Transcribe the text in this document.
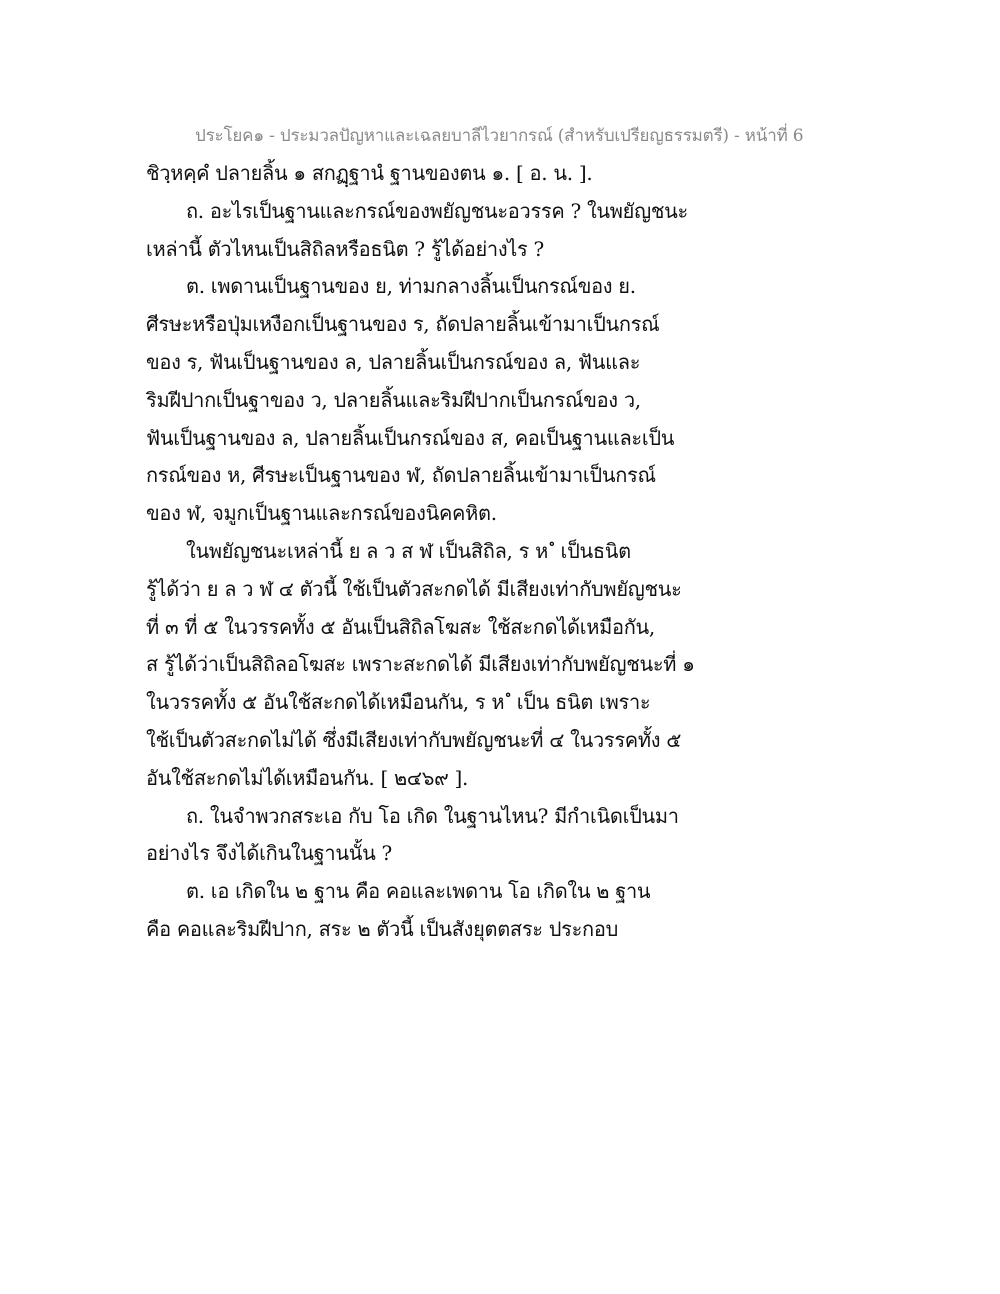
ประโยค๑ - ประมวลปัญหาและเฉลยบาลีไวยากรณ์ (สำหรับเปรียญธรรมตรี) - หน้าที่ 6
ชิวฺหคฺคํ ปลายลิ้น ๑ สกฏฺฐานํ ฐานของตน ๑. [ อ. น. ].
ถ. อะไรเป็นฐานและกรณ์ของพยัญชนะอวรรค ? ในพยัญชนะ
เหล่านี้ ตัวไหนเป็นสิถิลหรือธนิต ? รู้ได้อย่างไร ?
ต. เพดานเป็นฐานของ ย, ท่ามกลางลิ้นเป็นกรณ์ของ ย.
ศีรษะหรือปุ่มเหงือกเป็นฐานของ ร, ถัดปลายลิ้นเข้ามาเป็นกรณ์
ของ ร, ฟันเป็นฐานของ ล, ปลายลิ้นเป็นกรณ์ของ ล, ฟันและ
ริมฝีปากเป็นฐาของ ว, ปลายลิ้นและริมฝีปากเป็นกรณ์ของ ว,
ฟันเป็นฐานของ ล, ปลายลิ้นเป็นกรณ์ของ ส, คอเป็นฐานและเป็น
กรณ์ของ ห, ศีรษะเป็นฐานของ ฬ, ถัดปลายลิ้นเข้ามาเป็นกรณ์
ของ ฬ, จมูกเป็นฐานและกรณ์ของนิคคหิต.
ในพยัญชนะเหล่านี้ ย ล ว ส ฬ เป็นสิถิล, ร ห ํ เป็นธนิต
รู้ได้ว่า ย ล ว ฬ ๔ ตัวนี้ ใช้เป็นตัวสะกดได้ มีเสียงเท่ากับพยัญชนะ
ที่ ๓ ที่ ๕ ในวรรคทั้ง ๕ อันเป็นสิถิลโฆสะ ใช้สะกดได้เหมือกัน,
ส รู้ได้ว่าเป็นสิถิลอโฆสะ เพราะสะกดได้ มีเสียงเท่ากับพยัญชนะที่ ๑
ในวรรคทั้ง ๕ อันใช้สะกดได้เหมือนกัน, ร ห ํ เป็น ธนิต เพราะ
ใช้เป็นตัวสะกดไม่ได้ ซึ่งมีเสียงเท่ากับพยัญชนะที่ ๔ ในวรรคทั้ง ๕
อันใช้สะกดไม่ได้เหมือนกัน. [ ๒๔๖๙ ].
ถ. ในจำพวกสระเอ กับ โอ เกิด ในฐานไหน? มีกำเนิดเป็นมา
อย่างไร จึงได้เกินในฐานนั้น ?
ต. เอ เกิดใน ๒ ฐาน คือ คอและเพดาน โอ เกิดใน ๒ ฐาน
คือ คอและริมฝีปาก, สระ ๒ ตัวนี้ เป็นสังยุตตสระ ประกอบ
